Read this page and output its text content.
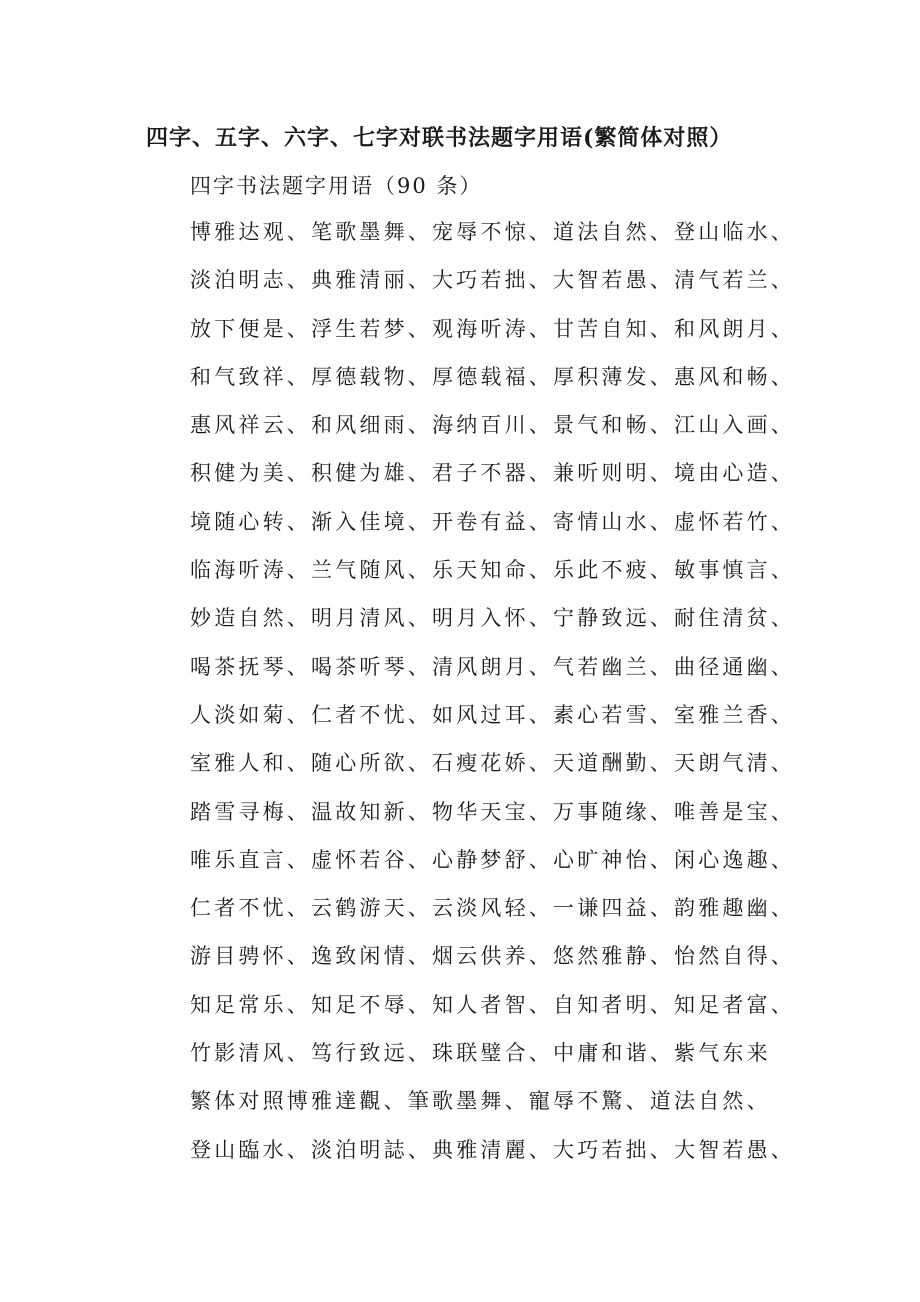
四字、五字、六字、七字对联书法题字用语(繁简体对照）
四字书法题字用语（90 条）
博雅达观、笔歌墨舞、宠辱不惊、道法自然、登山临水、
淡泊明志、典雅清丽、大巧若拙、大智若愚、清气若兰、
放下便是、浮生若梦、观海听涛、甘苦自知、和风朗月、
和气致祥、厚德载物、厚德载福、厚积薄发、惠风和畅、
惠风祥云、和风细雨、海纳百川、景气和畅、江山入画、
积健为美、积健为雄、君子不器、兼听则明、境由心造、
境随心转、渐入佳境、开卷有益、寄情山水、虚怀若竹、
临海听涛、兰气随风、乐天知命、乐此不疲、敏事慎言、
妙造自然、明月清风、明月入怀、宁静致远、耐住清贫、
喝茶抚琴、喝茶听琴、清风朗月、气若幽兰、曲径通幽、
人淡如菊、仁者不忧、如风过耳、素心若雪、室雅兰香、
室雅人和、随心所欲、石瘦花娇、天道酬勤、天朗气清、
踏雪寻梅、温故知新、物华天宝、万事随缘、唯善是宝、
唯乐直言、虚怀若谷、心静梦舒、心旷神怡、闲心逸趣、
仁者不忧、云鹤游天、云淡风轻、一谦四益、韵雅趣幽、
游目骋怀、逸致闲情、烟云供养、悠然雅静、怡然自得、
知足常乐、知足不辱、知人者智、自知者明、知足者富、
竹影清风、笃行致远、珠联璧合、中庸和谐、紫气东来
繁体对照博雅達觀、筆歌墨舞、寵辱不驚、道法自然、
登山臨水、淡泊明誌、典雅清麗、大巧若拙、大智若愚、
